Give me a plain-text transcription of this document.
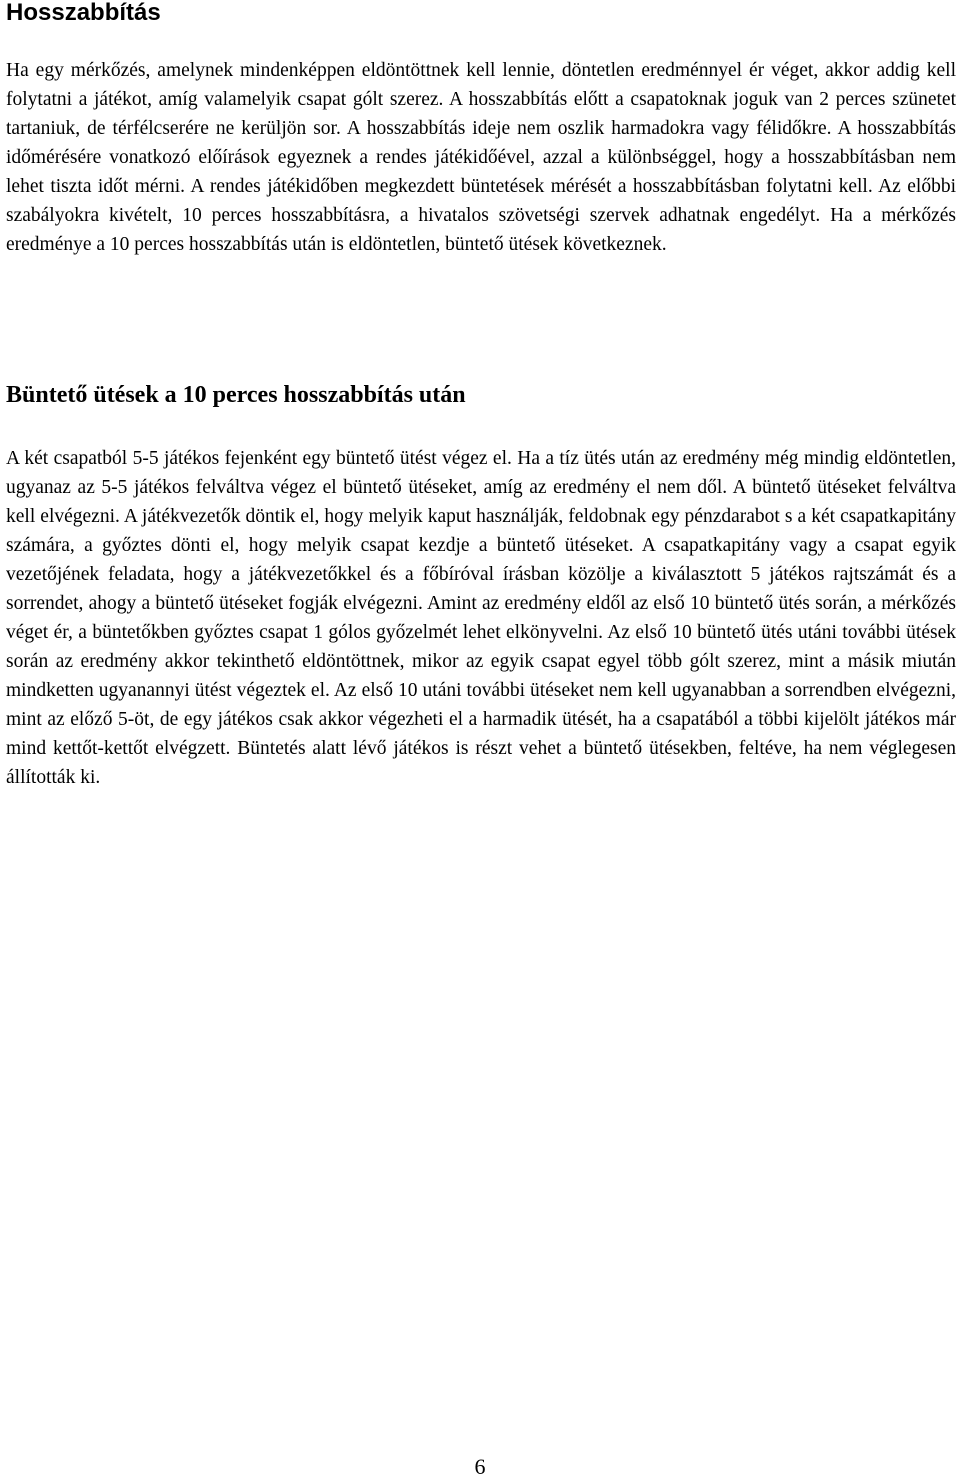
Hosszabbítás

Ha egy mérkőzés, amelynek mindenképpen eldöntöttnek kell lennie, döntetlen eredménnyel ér véget, akkor addig kell folytatni a játékot, amíg valamelyik csapat gólt szerez. A hosszabbítás előtt a csapatoknak joguk van 2 perces szünetet tartaniuk, de térfélcserére ne kerüljön sor. A hosszabbítás ideje nem oszlik harmadokra vagy félidőkre. A hosszabbítás időmérésére vonatkozó előírások egyeznek a rendes játékidőével, azzal a különbséggel, hogy a hosszabbításban nem lehet tiszta időt mérni. A rendes játékidőben megkezdett büntetések mérését a hosszabbításban folytatni kell. Az előbbi szabályokra kivételt, 10 perces hosszabbításra, a hivatalos szövetségi szervek adhatnak engedélyt. Ha a mérkőzés eredménye a 10 perces hosszabbítás után is eldöntetlen, büntető ütések következnek.

Büntető ütések a 10 perces hosszabbítás után

A két csapatból 5-5 játékos fejenként egy büntető ütést végez el. Ha a tíz ütés után az eredmény még mindig eldöntetlen, ugyanaz az 5-5 játékos felváltva végez el büntető ütéseket, amíg az eredmény el nem dől. A büntető ütéseket felváltva kell elvégezni. A játékvezetők döntik el, hogy melyik kaput használják, feldobnak egy pénzdarabot s a két csapatkapitány számára, a győztes dönti el, hogy melyik csapat kezdje a büntető ütéseket. A csapatkapitány vagy a csapat egyik vezetőjének feladata, hogy a játékvezetőkkel és a főbíróval írásban közölje a kiválasztott 5 játékos rajtszámát és a sorrendet, ahogy a büntető ütéseket fogják elvégezni. Amint az eredmény eldől az első 10 büntető ütés során, a mérkőzés véget ér, a büntetőkben győztes csapat 1 gólos győzelmét lehet elkönyvelni. Az első 10 büntető ütés utáni további ütések során az eredmény akkor tekinthető eldöntöttnek, mikor az egyik csapat egyel több gólt szerez, mint a másik miután mindketten ugyanannyi ütést végeztek el. Az első 10 utáni további ütéseket nem kell ugyanabban a sorrendben elvégezni, mint az előző 5-öt, de egy játékos csak akkor végezheti el a harmadik ütését, ha a csapatából a többi kijelölt játékos már mind kettőt-kettőt elvégzett. Büntetés alatt lévő játékos is részt vehet a büntető ütésekben, feltéve, ha nem véglegesen állították ki.

6
